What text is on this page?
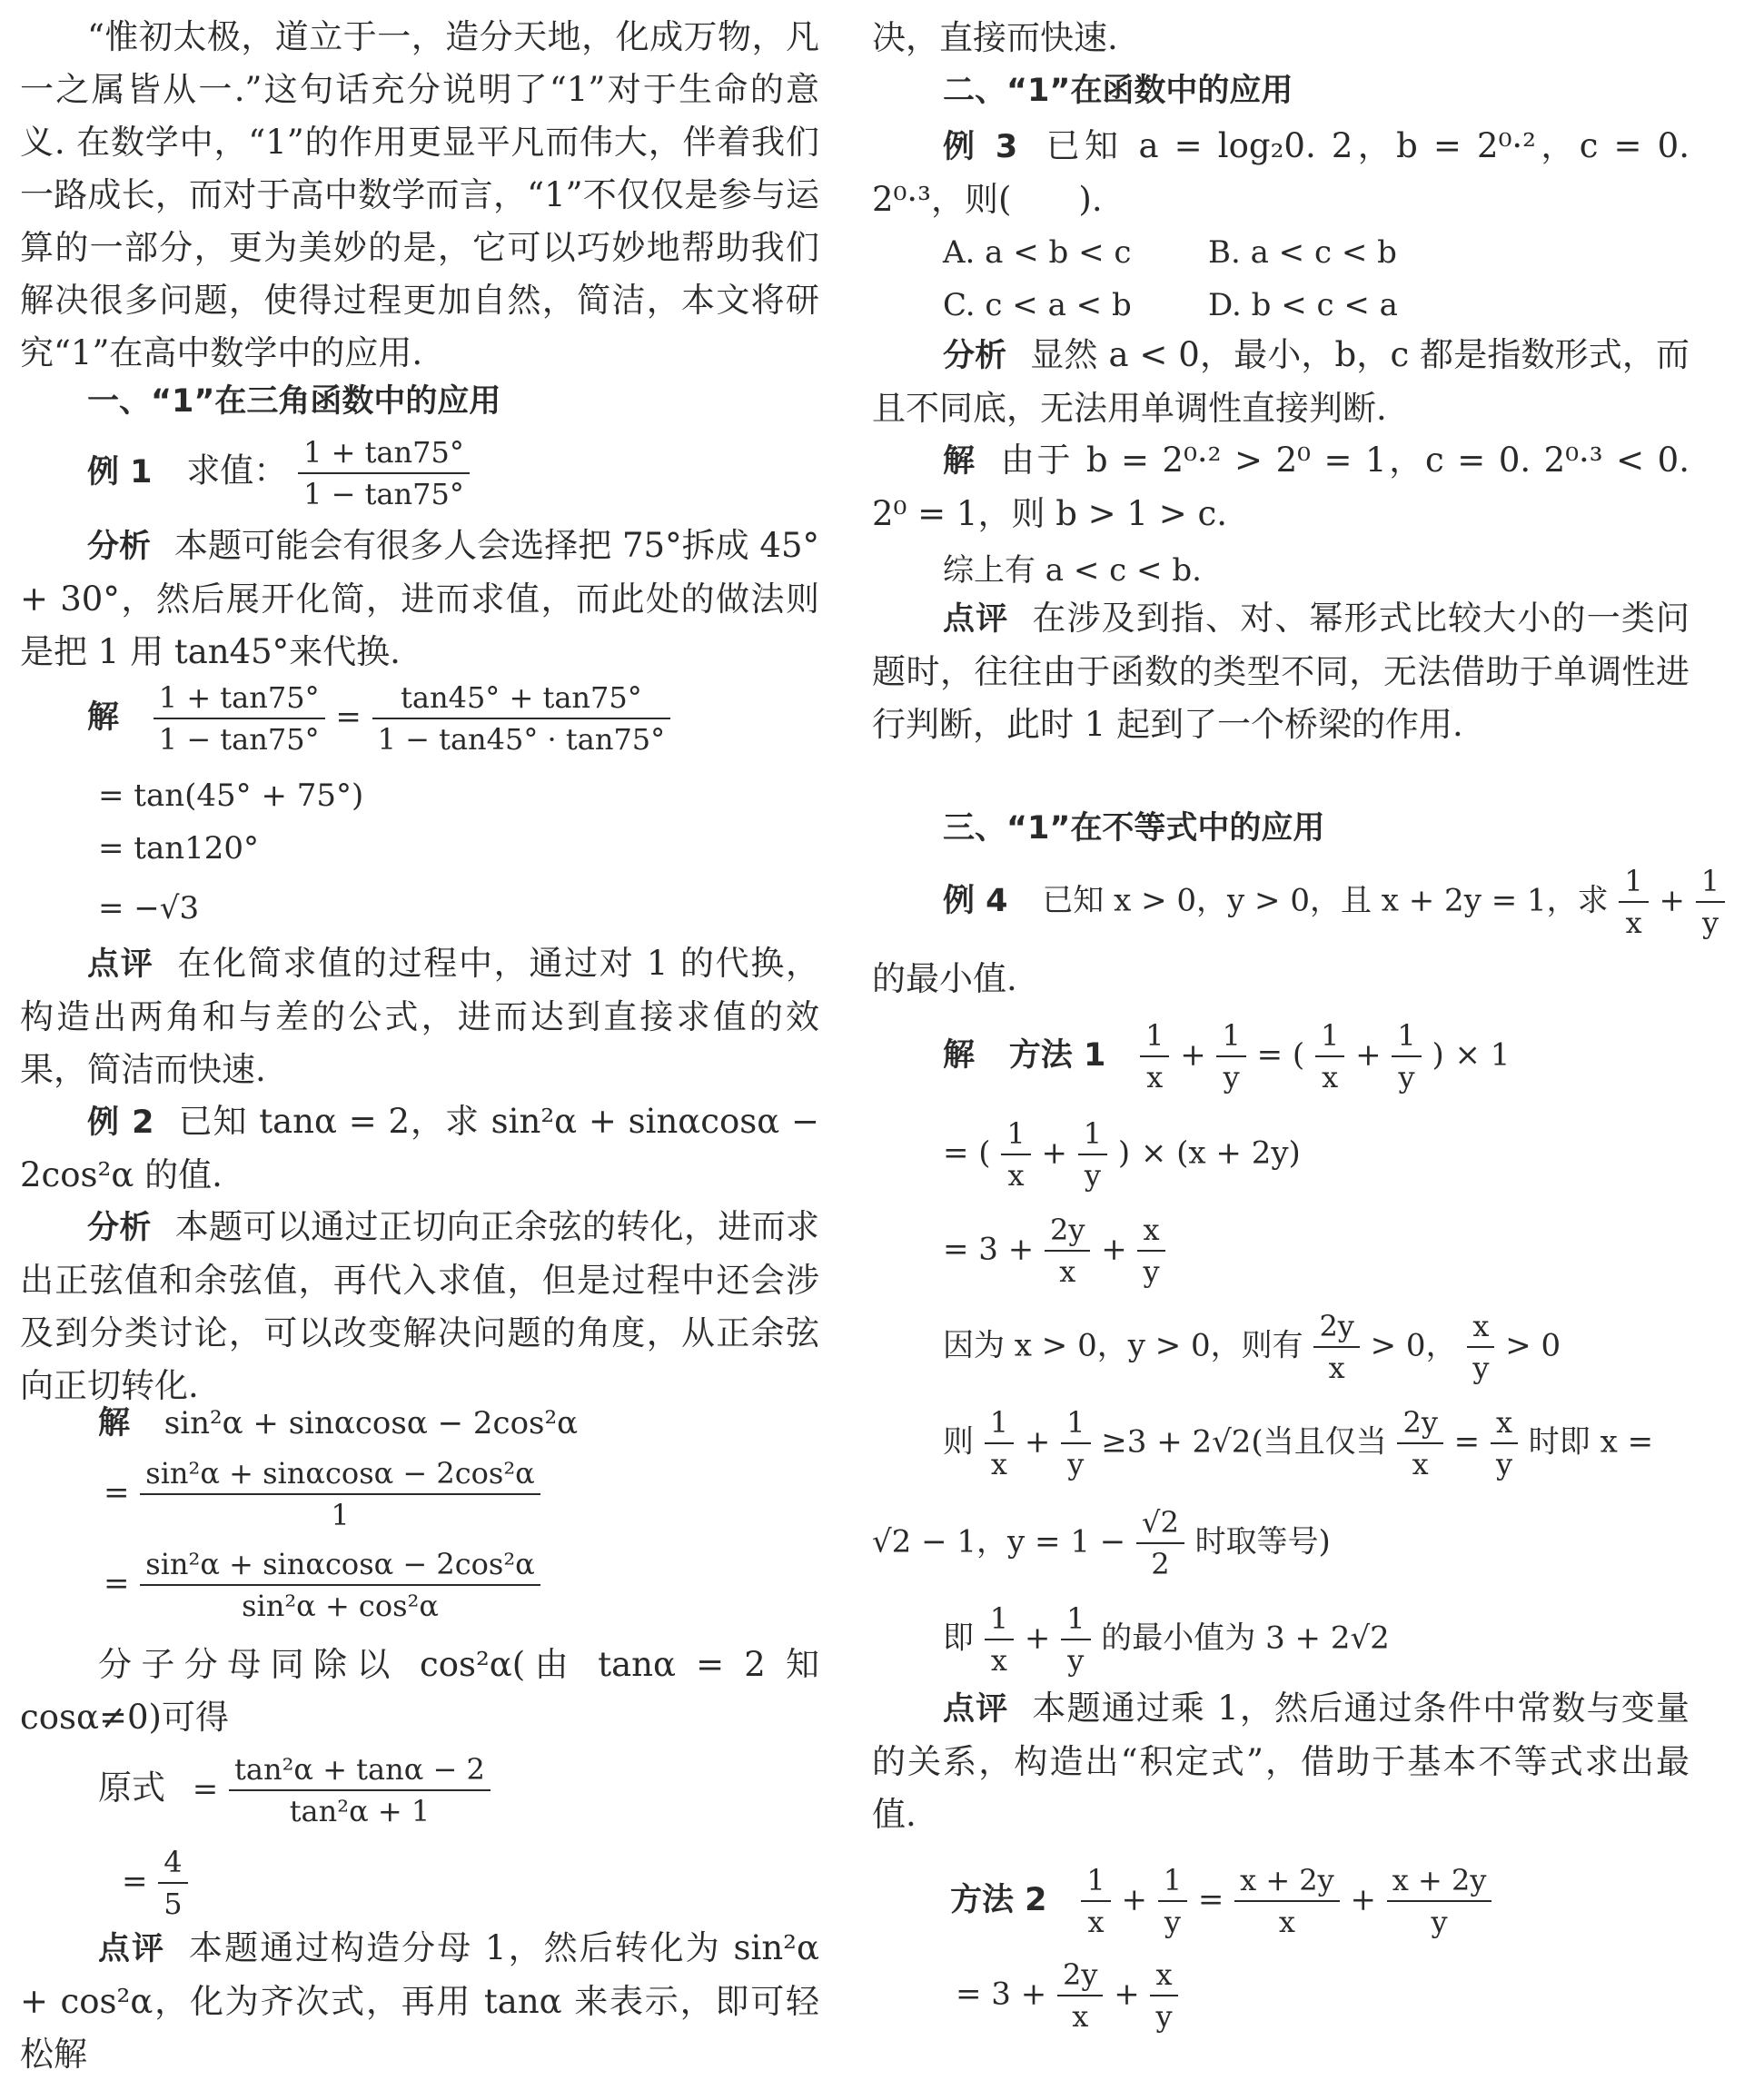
“惟初太极，道立于一，造分天地，化成万物，凡一之属皆从一.”这句话充分说明了“1”对于生命的意义. 在数学中，“1”的作用更显平凡而伟大，伴着我们一路成长，而对于高中数学而言，“1”不仅仅是参与运算的一部分，更为美妙的是，它可以巧妙地帮助我们解决很多问题，使得过程更加自然，简洁，本文将研究“1”在高中数学中的应用.
一、“1”在三角函数中的应用
例 1 求值： $\frac{1 + \tan 75^\circ}{1 - \tan 75^\circ}$
分析 本题可能会有很多人会选择把 75°拆成 45° + 30°，然后展开化简，进而求值，而此处的做法则是把 1 用 tan45°来代换.
解 $\frac{1 + \tan 75^\circ}{1 - \tan 75^\circ} = \frac{\tan 45^\circ + \tan 75^\circ}{1 - \tan 45^\circ \cdot \tan 75^\circ}$
= tan(45° + 75°)
= tan120°
= −√3
点评 在化简求值的过程中，通过对 1 的代换，构造出两角和与差的公式，进而达到直接求值的效果，简洁而快速.
例 2 已知 tanα = 2，求 sin²α + sinαcosα − 2cos²α 的值.
分析 本题可以通过正切向正余弦的转化，进而求出正弦值和余弦值，再代入求值，但是过程中还会涉及到分类讨论，可以改变解决问题的角度，从正余弦向正切转化.
解 sin²α + sinαcosα − 2cos²α
= $\frac{\text{sin²α + sinαcosα − 2cos²α}}{1}$
= $\frac{\text{sin²α + sinαcosα − 2cos²α}}{\text{sin²α + cos²α}}$
分子分母同除以 cos²α(由 tanα = 2 知 cosα≠0)可得
原式 = $\frac{\text{tan²α + tanα − 2}}{\text{tan²α + 1}}$
= $\frac{4}{5}$
点评 本题通过构造分母 1，然后转化为 sin²α + cos²α，化为齐次式，再用 tanα 来表示，即可轻松解
决，直接而快速.
二、“1”在函数中的应用
例 3 已知 a = log₂0. 2，b = 2⁰·²，c = 0. 2⁰·³，则(　　).
A. a < b < c B. a < c < b
C. c < a < b D. b < c < a
分析 显然 a < 0，最小，b，c 都是指数形式，而且不同底，无法用单调性直接判断.
解 由于 b = 2⁰·² > 2⁰ = 1，c = 0. 2⁰·³ < 0. 2⁰ = 1，则 b > 1 > c.
综上有 a < c < b.
点评 在涉及到指、对、幂形式比较大小的一类问题时，往往由于函数的类型不同，无法借助于单调性进行判断，此时 1 起到了一个桥梁的作用.
三、“1”在不等式中的应用
例 4 已知 x > 0，y > 0，且 x + 2y = 1，求 $\frac{1}{x} + \frac{1}{y}$
的最小值.
解 方法 $1 \frac{1}{x} + \frac{1}{y}$ = ( $\frac{1}{x} + \frac{1}{y}$ ) × 1
= ( $\frac{1}{x} + \frac{1}{y}$ ) × (x + 2y)
= $3 + \frac{2y}{x} + \frac{x}{y}$
因为 x > 0，y > 0，则有 $\frac{2y}{x} > 0$， $\frac{x}{y} > 0$
则 $\frac{1}{x} + \frac{1}{y} \ge 3 + 2√2$(当且仅当 $\frac{2y}{x} = \frac{x}{y}$ 时即 x =
√2 − 1，$y = 1 - \frac{√2}{2}$ 时取等号)
即 $\frac{1}{x} + \frac{1}{y}$ 的最小值为 3 + 2√2
点评 本题通过乘 1，然后通过条件中常数与变量的关系，构造出“积定式”，借助于基本不等式求出最值.
方法 $2 \frac{1}{x} + \frac{1}{y} = \frac{x + 2y}{x} + \frac{x + 2y}{y}$
= $3 + \frac{2y}{x} + \frac{x}{y}$
